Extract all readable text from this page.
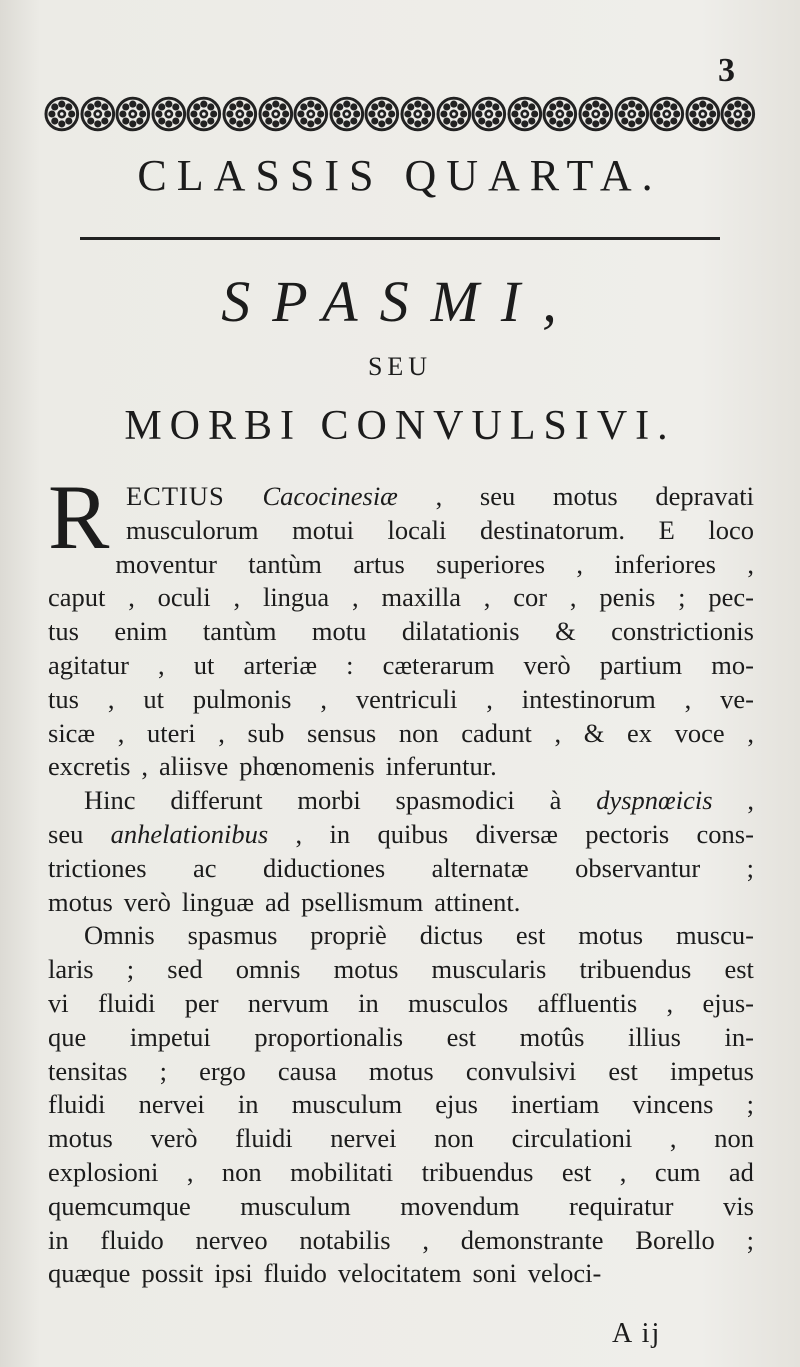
3
CLASSIS QUARTA.
SPASMI,
SEU
MORBI CONVULSIVI.
R ECTIUS Cacocinesiæ , seu motus depravati
musculorum motui locali destinatorum. E loco
moventur tantùm artus superiores , inferiores ,
caput , oculi , lingua , maxilla , cor , penis ; pec-
tus enim tantùm motu dilatationis & constrictionis
agitatur , ut arteriæ : cæterarum verò partium mo-
tus , ut pulmonis , ventriculi , intestinorum , ve-
sicæ , uteri , sub sensus non cadunt , & ex voce ,
excretis , aliisve phœnomenis inferuntur.
Hinc differunt morbi spasmodici à dyspnœicis ,
seu anhelationibus , in quibus diversæ pectoris cons-
trictiones ac diductiones alternatæ observantur ;
motus verò linguæ ad psellismum attinent.
Omnis spasmus propriè dictus est motus muscu-
laris ; sed omnis motus muscularis tribuendus est
vi fluidi per nervum in musculos affluentis , ejus-
que impetui proportionalis est motûs illius in-
tensitas ; ergo causa motus convulsivi est impetus
fluidi nervei in musculum ejus inertiam vincens ;
motus verò fluidi nervei non circulationi , non
explosioni , non mobilitati tribuendus est , cum ad
quemcumque musculum movendum requiratur vis
in fluido nerveo notabilis , demonstrante Borello ;
quæque possit ipsi fluido velocitatem soni veloci-
A ij
